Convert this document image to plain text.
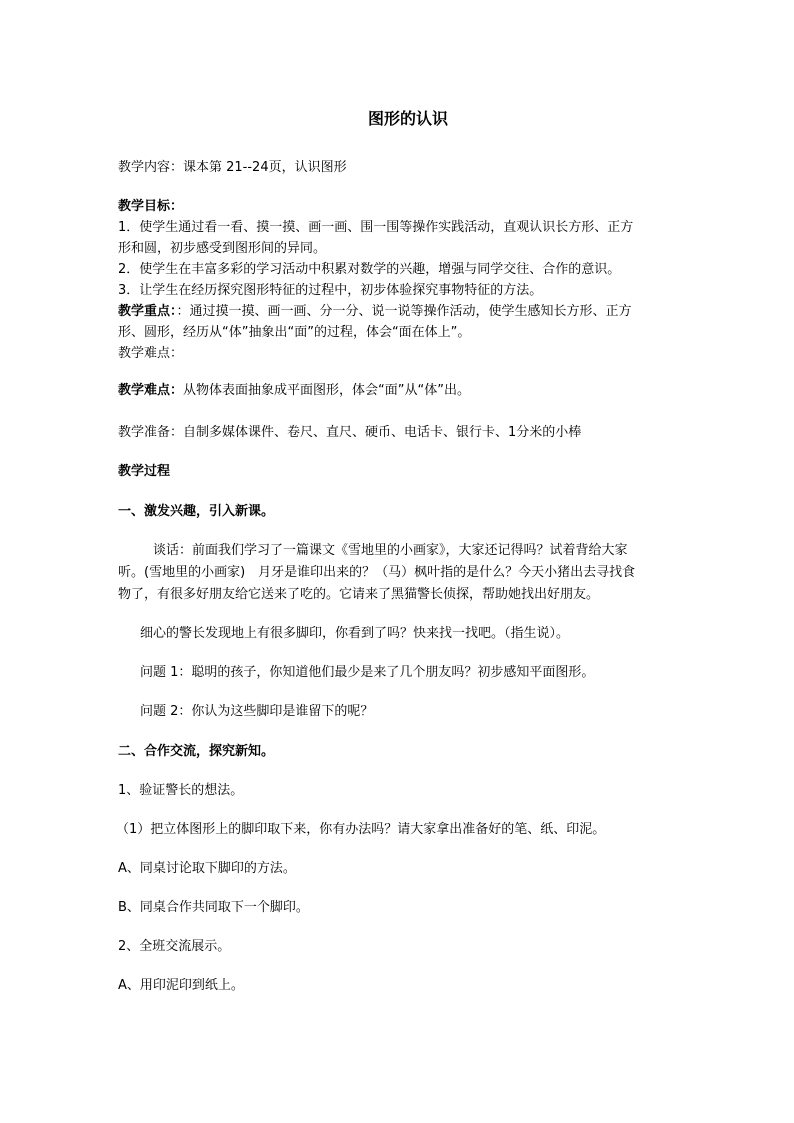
图形的认识
教学内容：课本第 21--24页，认识图形
教学目标：
1．使学生通过看一看、摸一摸、画一画、围一围等操作实践活动，直观认识长方形、正方
形和圆，初步感受到图形间的异同。
2．使学生在丰富多彩的学习活动中积累对数学的兴趣，增强与同学交往、合作的意识。
3．让学生在经历探究图形特征的过程中，初步体验探究事物特征的方法。
教学重点：：通过摸一摸、画一画、分一分、说一说等操作活动，使学生感知长方形、正方
形、圆形，经历从“体”抽象出“面”的过程，体会“面在体上”。
教学难点：
教学难点：从物体表面抽象成平面图形，体会“面”从“体”出。
教学准备：自制多媒体课件、卷尺、直尺、硬币、电话卡、银行卡、1分米的小棒
教学过程
一、激发兴趣，引入新课。
谈话：前面我们学习了一篇课文《雪地里的小画家》，大家还记得吗？试着背给大家
听。(雪地里的小画家)　月牙是谁印出来的？（马）枫叶指的是什么？今天小猪出去寻找食
物了，有很多好朋友给它送来了吃的。它请来了黑猫警长侦探，帮助她找出好朋友。
细心的警长发现地上有很多脚印，你看到了吗？快来找一找吧。（指生说）。
问题 1：聪明的孩子，你知道他们最少是来了几个朋友吗？初步感知平面图形。
问题 2：你认为这些脚印是谁留下的呢？
二、合作交流，探究新知。
1、验证警长的想法。
（1）把立体图形上的脚印取下来，你有办法吗？请大家拿出准备好的笔、纸、印泥。
A、同桌讨论取下脚印的方法。
B、同桌合作共同取下一个脚印。
2、全班交流展示。
A、用印泥印到纸上。
